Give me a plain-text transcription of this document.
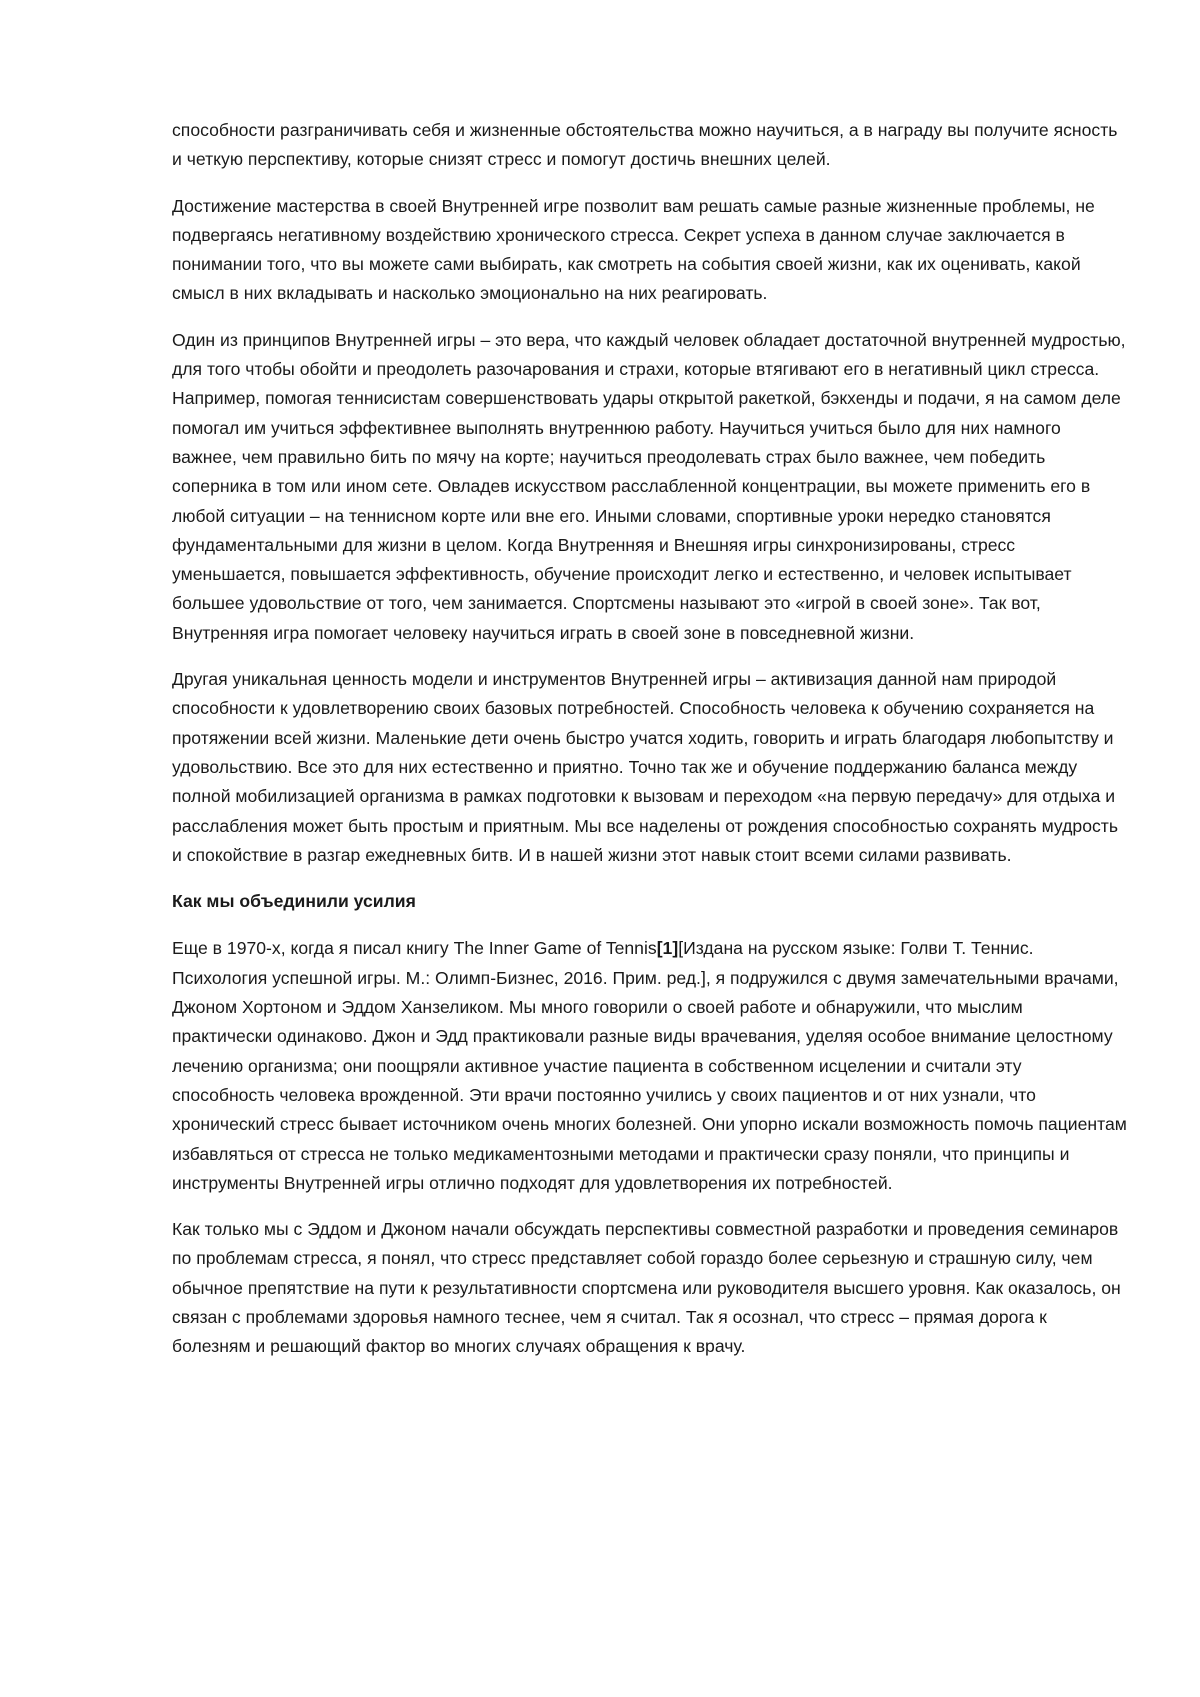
способности разграничивать себя и жизненные обстоятельства можно научиться, а в награду вы получите ясность и четкую перспективу, которые снизят стресс и помогут достичь внешних целей.

Достижение мастерства в своей Внутренней игре позволит вам решать самые разные жизненные проблемы, не подвергаясь негативному воздействию хронического стресса. Секрет успеха в данном случае заключается в понимании того, что вы можете сами выбирать, как смотреть на события своей жизни, как их оценивать, какой смысл в них вкладывать и насколько эмоционально на них реагировать.

Один из принципов Внутренней игры – это вера, что каждый человек обладает достаточной внутренней мудростью, для того чтобы обойти и преодолеть разочарования и страхи, которые втягивают его в негативный цикл стресса. Например, помогая теннисистам совершенствовать удары открытой ракеткой, бэкхенды и подачи, я на самом деле помогал им учиться эффективнее выполнять внутреннюю работу. Научиться учиться было для них намного важнее, чем правильно бить по мячу на корте; научиться преодолевать страх было важнее, чем победить соперника в том или ином сете. Овладев искусством расслабленной концентрации, вы можете применить его в любой ситуации – на теннисном корте или вне его. Иными словами, спортивные уроки нередко становятся фундаментальными для жизни в целом. Когда Внутренняя и Внешняя игры синхронизированы, стресс уменьшается, повышается эффективность, обучение происходит легко и естественно, и человек испытывает большее удовольствие от того, чем занимается. Спортсмены называют это «игрой в своей зоне». Так вот, Внутренняя игра помогает человеку научиться играть в своей зоне в повседневной жизни.

Другая уникальная ценность модели и инструментов Внутренней игры – активизация данной нам природой способности к удовлетворению своих базовых потребностей. Способность человека к обучению сохраняется на протяжении всей жизни. Маленькие дети очень быстро учатся ходить, говорить и играть благодаря любопытству и удовольствию. Все это для них естественно и приятно. Точно так же и обучение поддержанию баланса между полной мобилизацией организма в рамках подготовки к вызовам и переходом «на первую передачу» для отдыха и расслабления может быть простым и приятным. Мы все наделены от рождения способностью сохранять мудрость и спокойствие в разгар ежедневных битв. И в нашей жизни этот навык стоит всеми силами развивать.

Как мы объединили усилия

Еще в 1970-х, когда я писал книгу The Inner Game of Tennis[1][Издана на русском языке: Голви Т. Теннис. Психология успешной игры. М.: Олимп-Бизнес, 2016. Прим. ред.], я подружился с двумя замечательными врачами, Джоном Хортоном и Эддом Ханзеликом. Мы много говорили о своей работе и обнаружили, что мыслим практически одинаково. Джон и Эдд практиковали разные виды врачевания, уделяя особое внимание целостному лечению организма; они поощряли активное участие пациента в собственном исцелении и считали эту способность человека врожденной. Эти врачи постоянно учились у своих пациентов и от них узнали, что хронический стресс бывает источником очень многих болезней. Они упорно искали возможность помочь пациентам избавляться от стресса не только медикаментозными методами и практически сразу поняли, что принципы и инструменты Внутренней игры отлично подходят для удовлетворения их потребностей.

Как только мы с Эддом и Джоном начали обсуждать перспективы совместной разработки и проведения семинаров по проблемам стресса, я понял, что стресс представляет собой гораздо более серьезную и страшную силу, чем обычное препятствие на пути к результативности спортсмена или руководителя высшего уровня. Как оказалось, он связан с проблемами здоровья намного теснее, чем я считал. Так я осознал, что стресс – прямая дорога к болезням и решающий фактор во многих случаях обращения к врачу.
